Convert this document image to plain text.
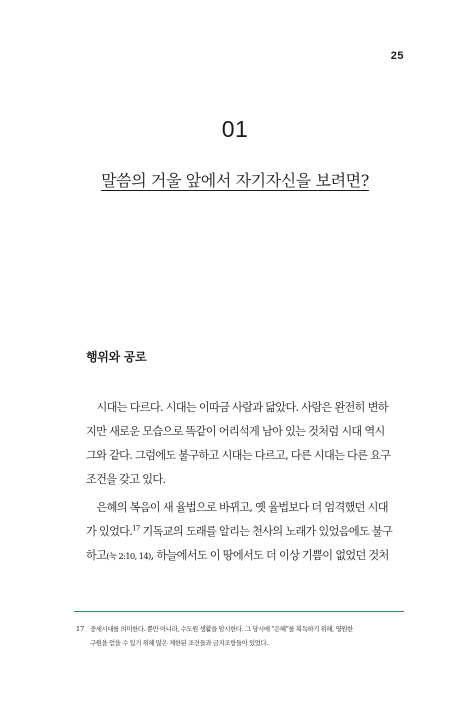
25
01
말씀의 거울 앞에서 자기자신을 보려면?
행위와 공로
　시대는 다르다. 시대는 이따금 사람과 닮았다. 사람은 완전히 변하
지만 새로운 모습으로 똑같이 어리석게 남아 있는 것처럼 시대 역시
그와 같다. 그럼에도 불구하고 시대는 다르고, 다른 시대는 다른 요구
조건을 갖고 있다.
　은혜의 복음이 새 율법으로 바뀌고, 옛 율법보다 더 엄격했던 시대
가 있었다.$^{17}$ 기독교의 도래를 알리는 천사의 노래가 있었음에도 불구
하고(눅 2:10, 14), 하늘에서도 이 땅에서도 더 이상 기쁨이 없었던 것처
17 중세시대를 의미한다. 뿐만 아니라, 수도원 생활을 암시한다. 그 당시에 “은혜”를 획득하기 위해, 영원한
구원을 얻을 수 있기 위해 많은 제한된 조건들과 금지조항들이 있었다.
